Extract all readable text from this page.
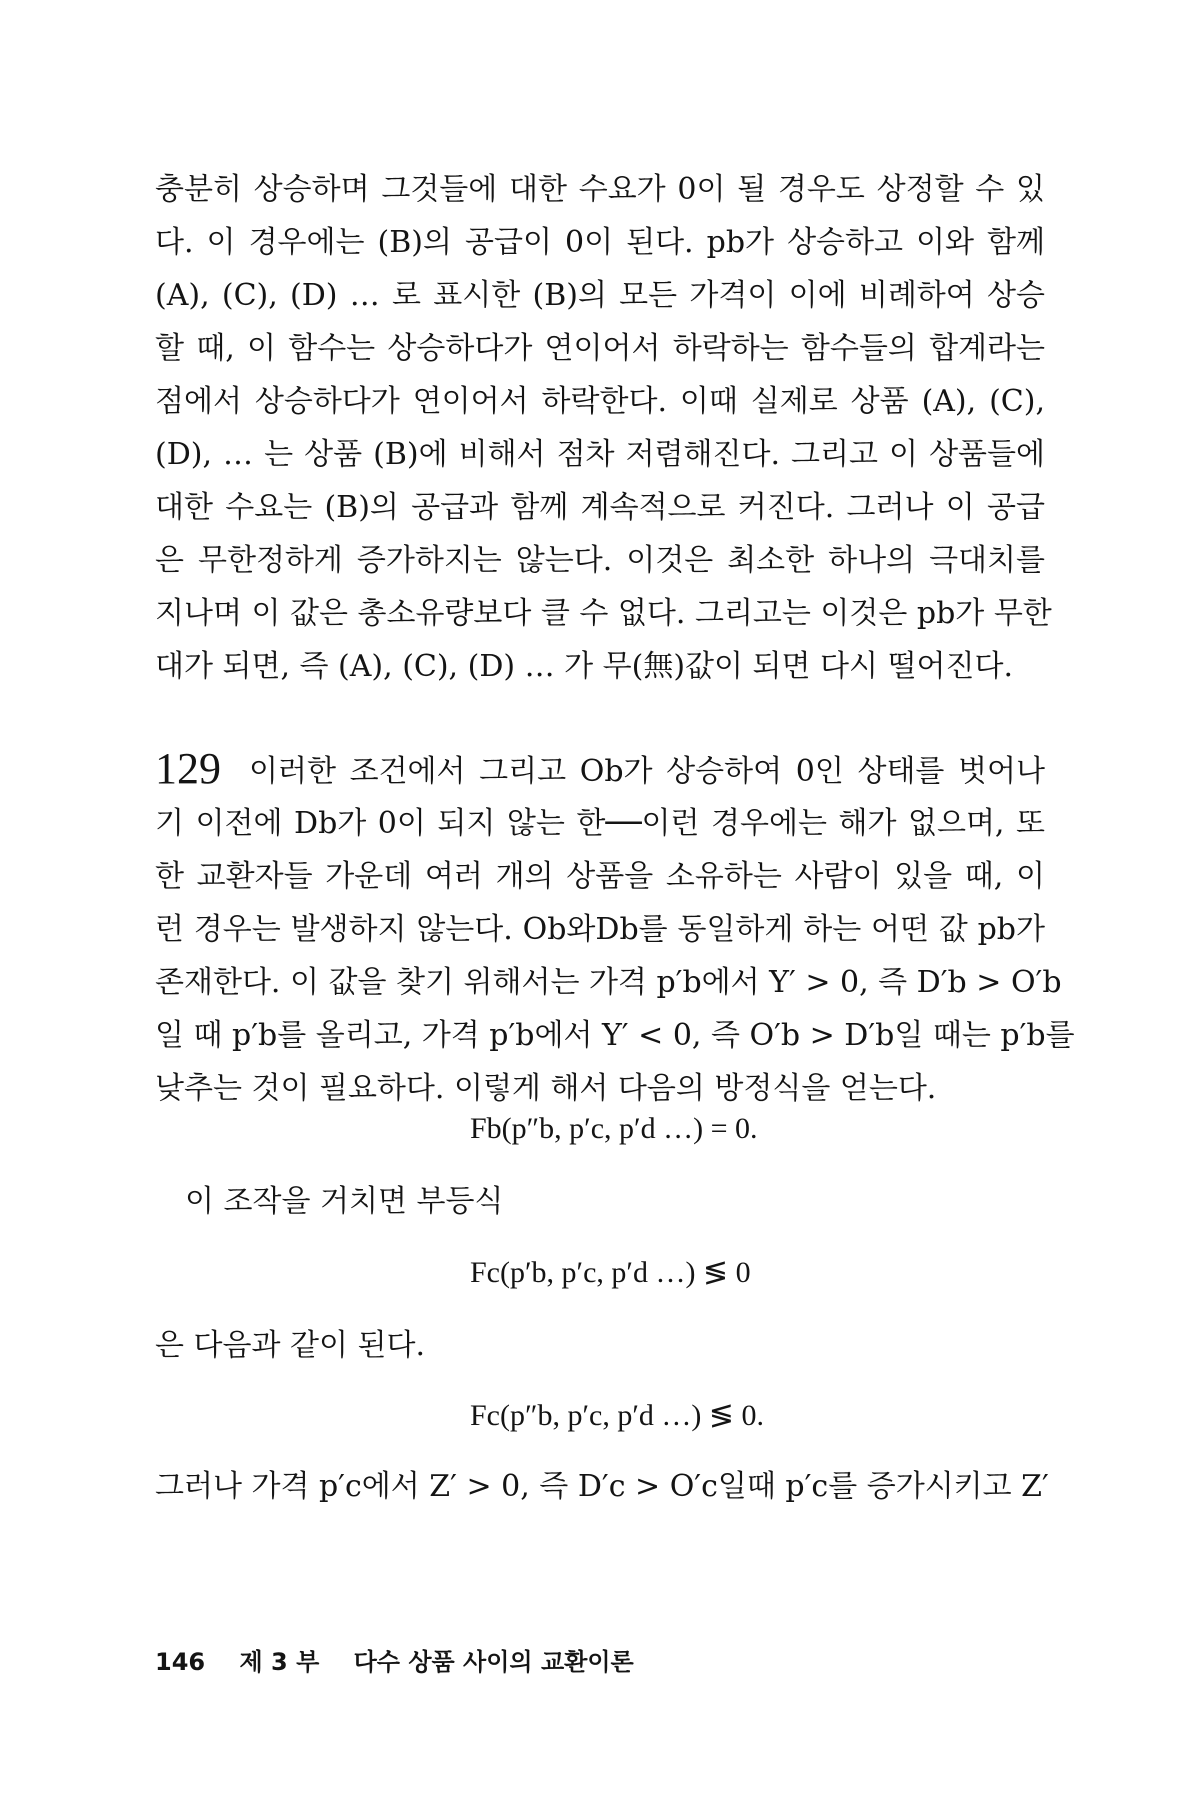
충분히 상승하며 그것들에 대한 수요가 0이 될 경우도 상정할 수 있
다. 이 경우에는 (B)의 공급이 0이 된다. pb가 상승하고 이와 함께
(A), (C), (D) … 로 표시한 (B)의 모든 가격이 이에 비례하여 상승
할 때, 이 함수는 상승하다가 연이어서 하락하는 함수들의 합계라는
점에서 상승하다가 연이어서 하락한다. 이때 실제로 상품 (A), (C),
(D), … 는 상품 (B)에 비해서 점차 저렴해진다. 그리고 이 상품들에
대한 수요는 (B)의 공급과 함께 계속적으로 커진다. 그러나 이 공급
은 무한정하게 증가하지는 않는다. 이것은 최소한 하나의 극대치를
지나며 이 값은 총소유량보다 클 수 없다. 그리고는 이것은 pb가 무한
대가 되면, 즉 (A), (C), (D) … 가 무(無)값이 되면 다시 떨어진다.
129 이러한 조건에서 그리고 Ob가 상승하여 0인 상태를 벗어나
기 이전에 Db가 0이 되지 않는 한──이런 경우에는 해가 없으며, 또
한 교환자들 가운데 여러 개의 상품을 소유하는 사람이 있을 때, 이
런 경우는 발생하지 않는다. Ob와Db를 동일하게 하는 어떤 값 pb가
존재한다. 이 값을 찾기 위해서는 가격 p′b에서 Y′ > 0, 즉 D′b > O′b
일 때 p′b를 올리고, 가격 p′b에서 Y′ < 0, 즉 O′b > D′b일 때는 p′b를
낮추는 것이 필요하다. 이렇게 해서 다음의 방정식을 얻는다.
Fb(p″b, p′c, p′d …) = 0.
이 조작을 거치면 부등식
Fc(p′b, p′c, p′d …) ≶ 0
은 다음과 같이 된다.
Fc(p″b, p′c, p′d …) ≶ 0.
그러나 가격 p′c에서 Z′ > 0, 즉 D′c > O′c일때 p′c를 증가시키고 Z′
146 제 3 부 다수 상품 사이의 교환이론
